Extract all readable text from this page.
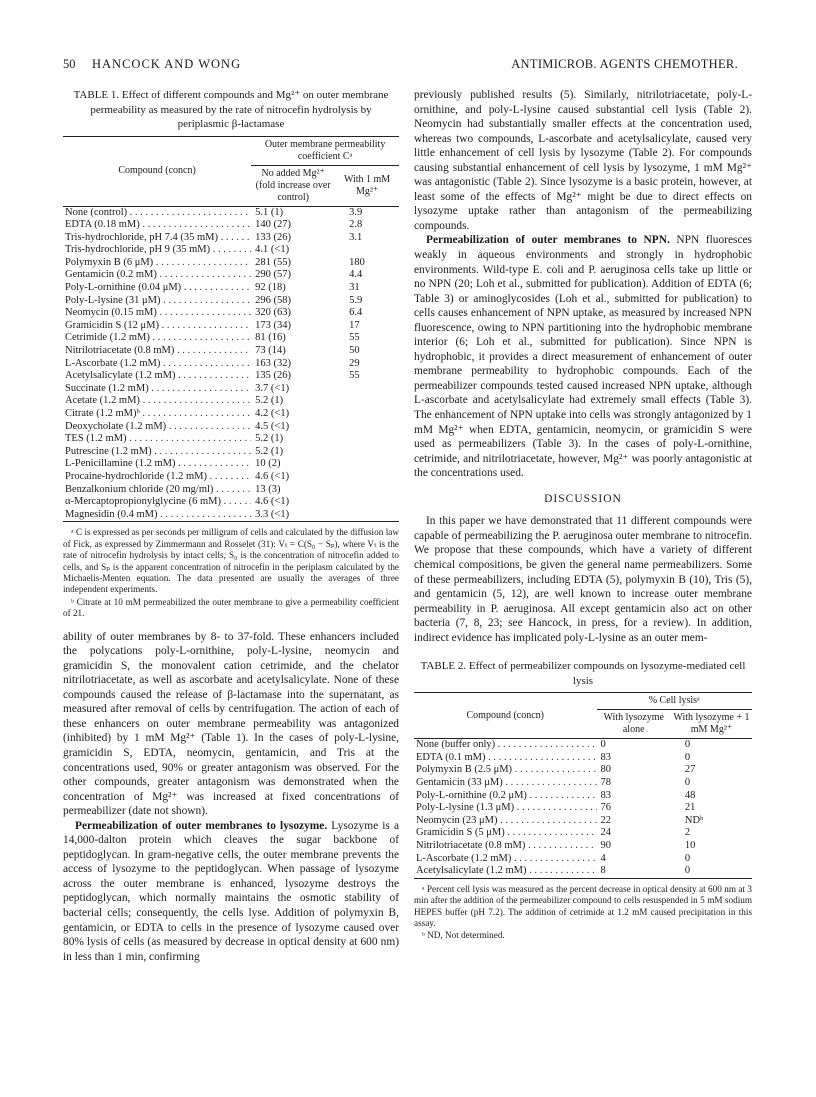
50 HANCOCK AND WONG	ANTIMICROB. AGENTS CHEMOTHER.
TABLE 1. Effect of different compounds and Mg²⁺ on outer membrane permeability as measured by the rate of nitrocefin hydrolysis by periplasmic β-lactamase
Compound (concn)	Outer membrane permeability coefficient Cᵃ	
	No added Mg²⁺ (fold increase over control)	With 1 mM Mg²⁺
None (control) . . .	5.1 (1)	3.9
EDTA (0.18 mM) . . .	140 (27)	2.8
Tris-hydrochloride, pH 7.4 (35 mM) . . .	133 (26)	3.1
Tris-hydrochloride, pH 9 (35 mM) . . .	4.1 (<1)	
Polymyxin B (6 μM) . . .	281 (55)	180
Gentamicin (0.2 mM) . . .	290 (57)	4.4
Poly-L-ornithine (0.04 μM) . . .	92 (18)	31
Poly-L-lysine (31 μM) . . .	296 (58)	5.9
Neomycin (0.15 mM) . . .	320 (63)	6.4
Gramicidin S (12 μM) . . .	173 (34)	17
Cetrimide (1.2 mM) . . .	81 (16)	55
Nitrilotriacetate (0.8 mM) . . .	73 (14)	50
L-Ascorbate (1.2 mM) . . .	163 (32)	29
Acetylsalicylate (1.2 mM) . . .	135 (26)	55
Succinate (1.2 mM) . . .	3.7 (<1)	
Acetate (1.2 mM) . . .	5.2 (1)	
Citrate (1.2 mM)ᵇ . . .	4.2 (<1)	
Deoxycholate (1.2 mM) . . .	4.5 (<1)	
TES (1.2 mM) . . .	5.2 (1)	
Putrescine (1.2 mM) . . .	5.2 (1)	
L-Penicillamine (1.2 mM) . . .	10 (2)	
Procaine-hydrochloride (1.2 mM) . . .	4.6 (<1)	
Benzalkonium chloride (20 mg/ml) . . .	13 (3)	
α-Mercaptopropionylglycine (6 mM) . . .	4.6 (<1)	
Magnesidin (0.4 mM) . . .	3.3 (<1)	

ᵃ C is expressed as per seconds per milligram of cells and calculated by the diffusion law of Fick, as expressed by Zimmermann and Rosselet (31): Vₜ = C(S₀ − Sₚ), where Vₜ is the rate of nitrocefin hydrolysis by intact cells, S₀ is the concentration of nitrocefin added to cells, and Sₚ is the apparent concentration of nitrocefin in the periplasm calculated by the Michaelis-Menten equation. The data presented are usually the averages of three independent experiments.

ᵇ Citrate at 10 mM permeabilized the outer membrane to give a permeability coefficient of 21.

ability of outer membranes by 8- to 37-fold. These enhancers included the polycations poly-L-ornithine, poly-L-lysine, neomycin and gramicidin S, the monovalent cation cetrimide, and the chelator nitrilotriacetate, as well as ascorbate and acetylsalicylate. None of these compounds caused the release of β-lactamase into the supernatant, as measured after removal of cells by centrifugation. The action of each of these enhancers on outer membrane permeability was antagonized (inhibited) by 1 mM Mg²⁺ (Table 1). In the cases of poly-L-lysine, gramicidin S, EDTA, neomycin, gentamicin, and Tris at the concentrations used, 90% or greater antagonism was observed. For the other compounds, greater antagonism was demonstrated when the concentration of Mg²⁺ was increased at fixed concentrations of permeabilizer (date not shown).

Permeabilization of outer membranes to lysozyme. Lysozyme is a 14,000-dalton protein which cleaves the sugar backbone of peptidoglycan. In gram-negative cells, the outer membrane prevents the access of lysozyme to the peptidoglycan. When passage of lysozyme across the outer membrane is enhanced, lysozyme destroys the peptidoglycan, which normally maintains the osmotic stability of bacterial cells; consequently, the cells lyse. Addition of polymyxin B, gentamicin, or EDTA to cells in the presence of lysozyme caused over 80% lysis of cells (as measured by decrease in optical density at 600 nm) in less than 1 min, confirming

previously published results (5). Similarly, nitrilotriacetate, poly-L-ornithine, and poly-L-lysine caused substantial cell lysis (Table 2). Neomycin had substantially smaller effects at the concentration used, whereas two compounds, L-ascorbate and acetylsalicylate, caused very little enhancement of cell lysis by lysozyme (Table 2). For compounds causing substantial enhancement of cell lysis by lysozyme, 1 mM Mg²⁺ was antagonistic (Table 2). Since lysozyme is a basic protein, however, at least some of the effects of Mg²⁺ might be due to direct effects on lysozyme uptake rather than antagonism of the permeabilizing compounds.

Permeabilization of outer membranes to NPN. NPN fluoresces weakly in aqueous environments and strongly in hydrophobic environments. Wild-type E. coli and P. aeruginosa cells take up little or no NPN (20; Loh et al., submitted for publication). Addition of EDTA (6; Table 3) or aminoglycosides (Loh et al., submitted for publication) to cells causes enhancement of NPN uptake, as measured by increased NPN fluorescence, owing to NPN partitioning into the hydrophobic membrane interior (6; Loh et al., submitted for publication). Since NPN is hydrophobic, it provides a direct measurement of enhancement of outer membrane permeability to hydrophobic compounds. Each of the permeabilizer compounds tested caused increased NPN uptake, although L-ascorbate and acetylsalicylate had extremely small effects (Table 3). The enhancement of NPN uptake into cells was strongly antagonized by 1 mM Mg²⁺ when EDTA, gentamicin, neomycin, or gramicidin S were used as permeabilizers (Table 3). In the cases of poly-L-ornithine, cetrimide, and nitrilotriacetate, however, Mg²⁺ was poorly antagonistic at the concentrations used.

DISCUSSION

In this paper we have demonstrated that 11 different compounds were capable of permeabilizing the P. aeruginosa outer membrane to nitrocefin. We propose that these compounds, which have a variety of different chemical compositions, be given the general name permeabilizers. Some of these permeabilizers, including EDTA (5), polymyxin B (10), Tris (5), and gentamicin (5, 12), are well known to increase outer membrane permeability in P. aeruginosa. All except gentamicin also act on other bacteria (7, 8, 23; see Hancock, in press, for a review). In addition, indirect evidence has implicated poly-L-lysine as an outer mem-

TABLE 2. Effect of permeabilizer compounds on lysozyme-mediated cell lysis
Compound (concn)	% Cell lysisᵃ	
	With lysozyme alone	With lysozyme + 1 mM Mg²⁺
None (buffer only) . . .	0	0
EDTA (0.1 mM) . . .	83	0
Polymyxin B (2.5 μM) . . .	80	27
Gentamicin (33 μM) . . .	78	0
Poly-L-ornithine (0.2 μM) . . .	83	48
Poly-L-lysine (1.3 μM) . . .	76	21
Neomycin (23 μM) . . .	22	NDᵇ
Gramicidin S (5 μM) . . .	24	2
Nitrilotriacetate (0.8 mM) . . .	90	10
L-Ascorbate (1.2 mM) . . .	4	0
Acetylsalicylate (1.2 mM) . . .	8	0

ᵃ Percent cell lysis was measured as the percent decrease in optical density at 600 nm at 3 min after the addition of the permeabilizer compound to cells resuspended in 5 mM sodium HEPES buffer (pH 7.2). The addition of cetrimide at 1.2 mM caused precipitation in this assay.

ᵇ ND, Not determined.
